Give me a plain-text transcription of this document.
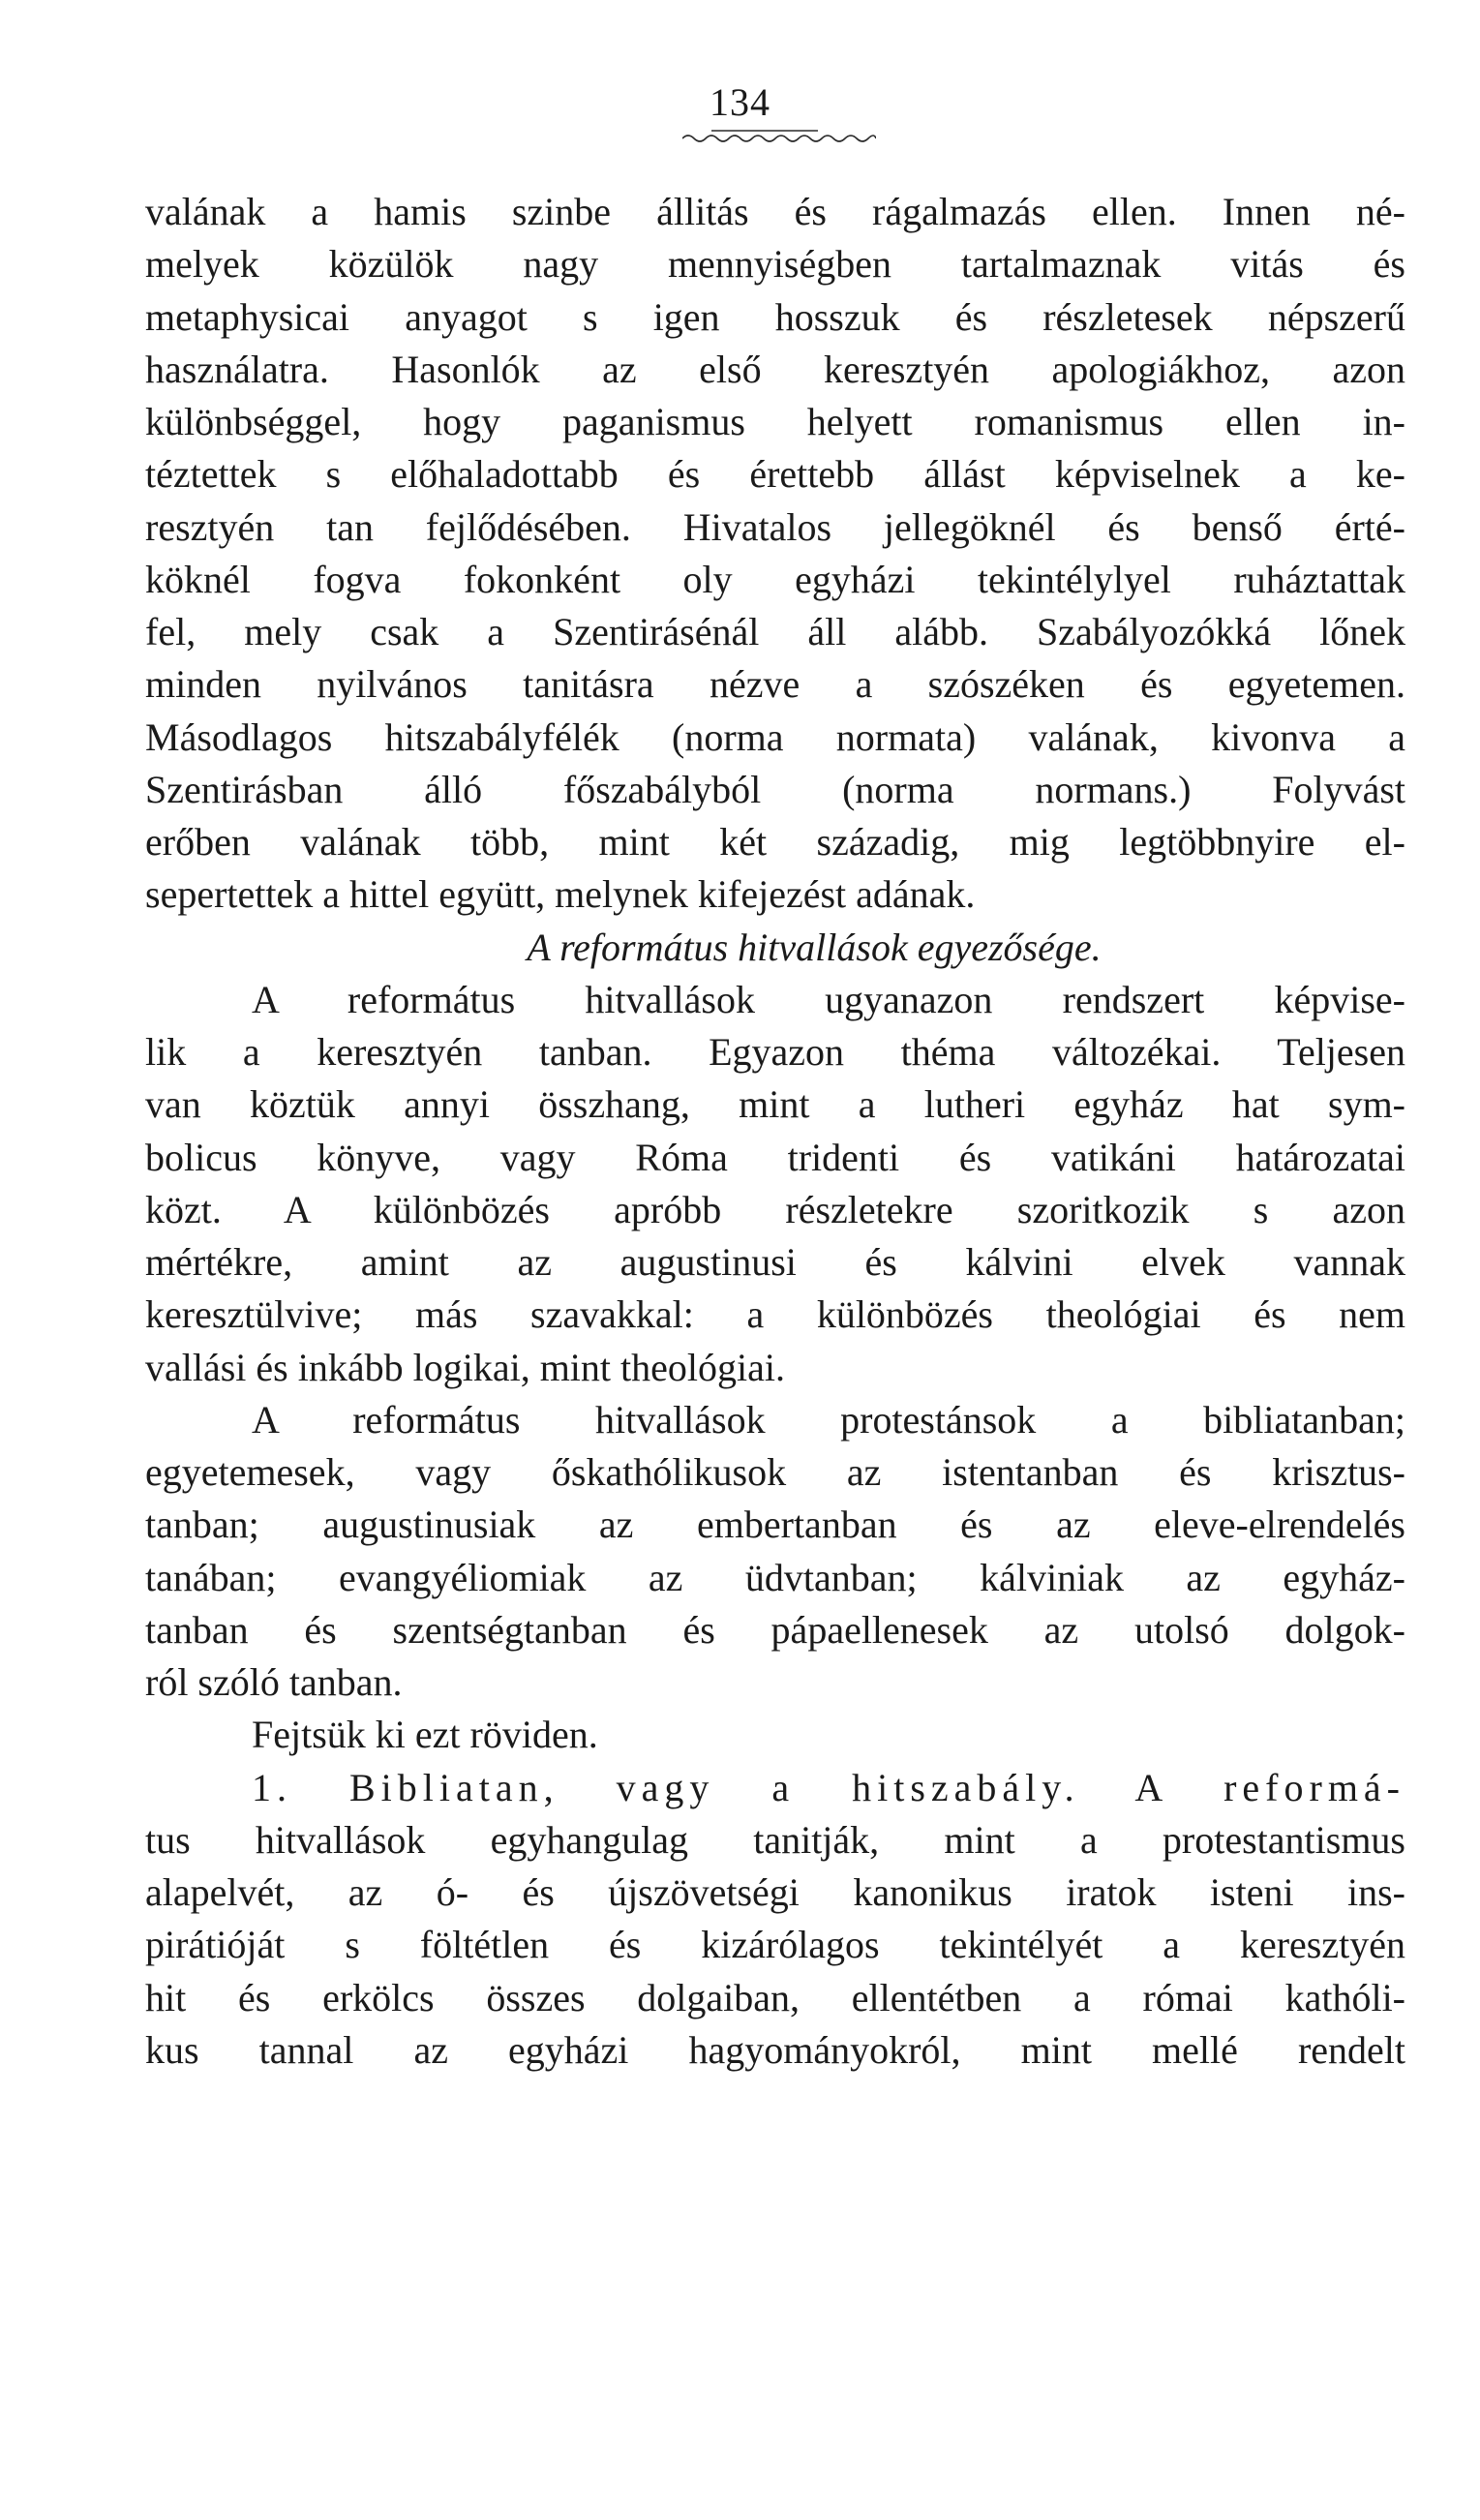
134
valának a hamis szinbe állitás és rágalmazás ellen. Innen né-
melyek közülök nagy mennyiségben tartalmaznak vitás és
metaphysicai anyagot s igen hosszuk és részletesek népszerű
használatra. Hasonlók az első keresztyén apologiákhoz, azon
különbséggel, hogy paganismus helyett romanismus ellen in-
téztettek s előhaladottabb és érettebb állást képviselnek a ke-
resztyén tan fejlődésében. Hivatalos jellegöknél és benső érté-
köknél fogva fokonként oly egyházi tekintélylyel ruháztattak
fel, mely csak a Szentirásénál áll alább. Szabályozókká lőnek
minden nyilvános tanitásra nézve a szószéken és egyetemen.
Másodlagos hitszabályfélék (norma normata) valának, kivonva a
Szentirásban álló főszabályból (norma normans.) Folyvást
erőben valának több, mint két századig, mig legtöbbnyire el-
sepertettek a hittel együtt, melynek kifejezést adának.
A református hitvallások egyezősége.
A református hitvallások ugyanazon rendszert képvise-
lik a keresztyén tanban. Egyazon théma változékai. Teljesen
van köztük annyi összhang, mint a lutheri egyház hat sym-
bolicus könyve, vagy Róma tridenti és vatikáni határozatai
közt. A különbözés apróbb részletekre szoritkozik s azon
mértékre, amint az augustinusi és kálvini elvek vannak
keresztülvive; más szavakkal: a különbözés theológiai és nem
vallási és inkább logikai, mint theológiai.
A református hitvallások protestánsok a bibliatanban;
egyetemesek, vagy őskathólikusok az istentanban és krisztus-
tanban; augustinusiak az embertanban és az eleve-elrendelés
tanában; evangyéliomiak az üdvtanban; kálviniak az egyház-
tanban és szentségtanban és pápaellenesek az utolsó dolgok-
ról szóló tanban.
Fejtsük ki ezt röviden.
1. Bibliatan, vagy a hitszabály. A reformá-
tus hitvallások egyhangulag tanitják, mint a protestantismus
alapelvét, az ó- és újszövetségi kanonikus iratok isteni ins-
pirátióját s föltétlen és kizárólagos tekintélyét a keresztyén
hit és erkölcs összes dolgaiban, ellentétben a római kathóli-
kus tannal az egyházi hagyományokról, mint mellé rendelt
